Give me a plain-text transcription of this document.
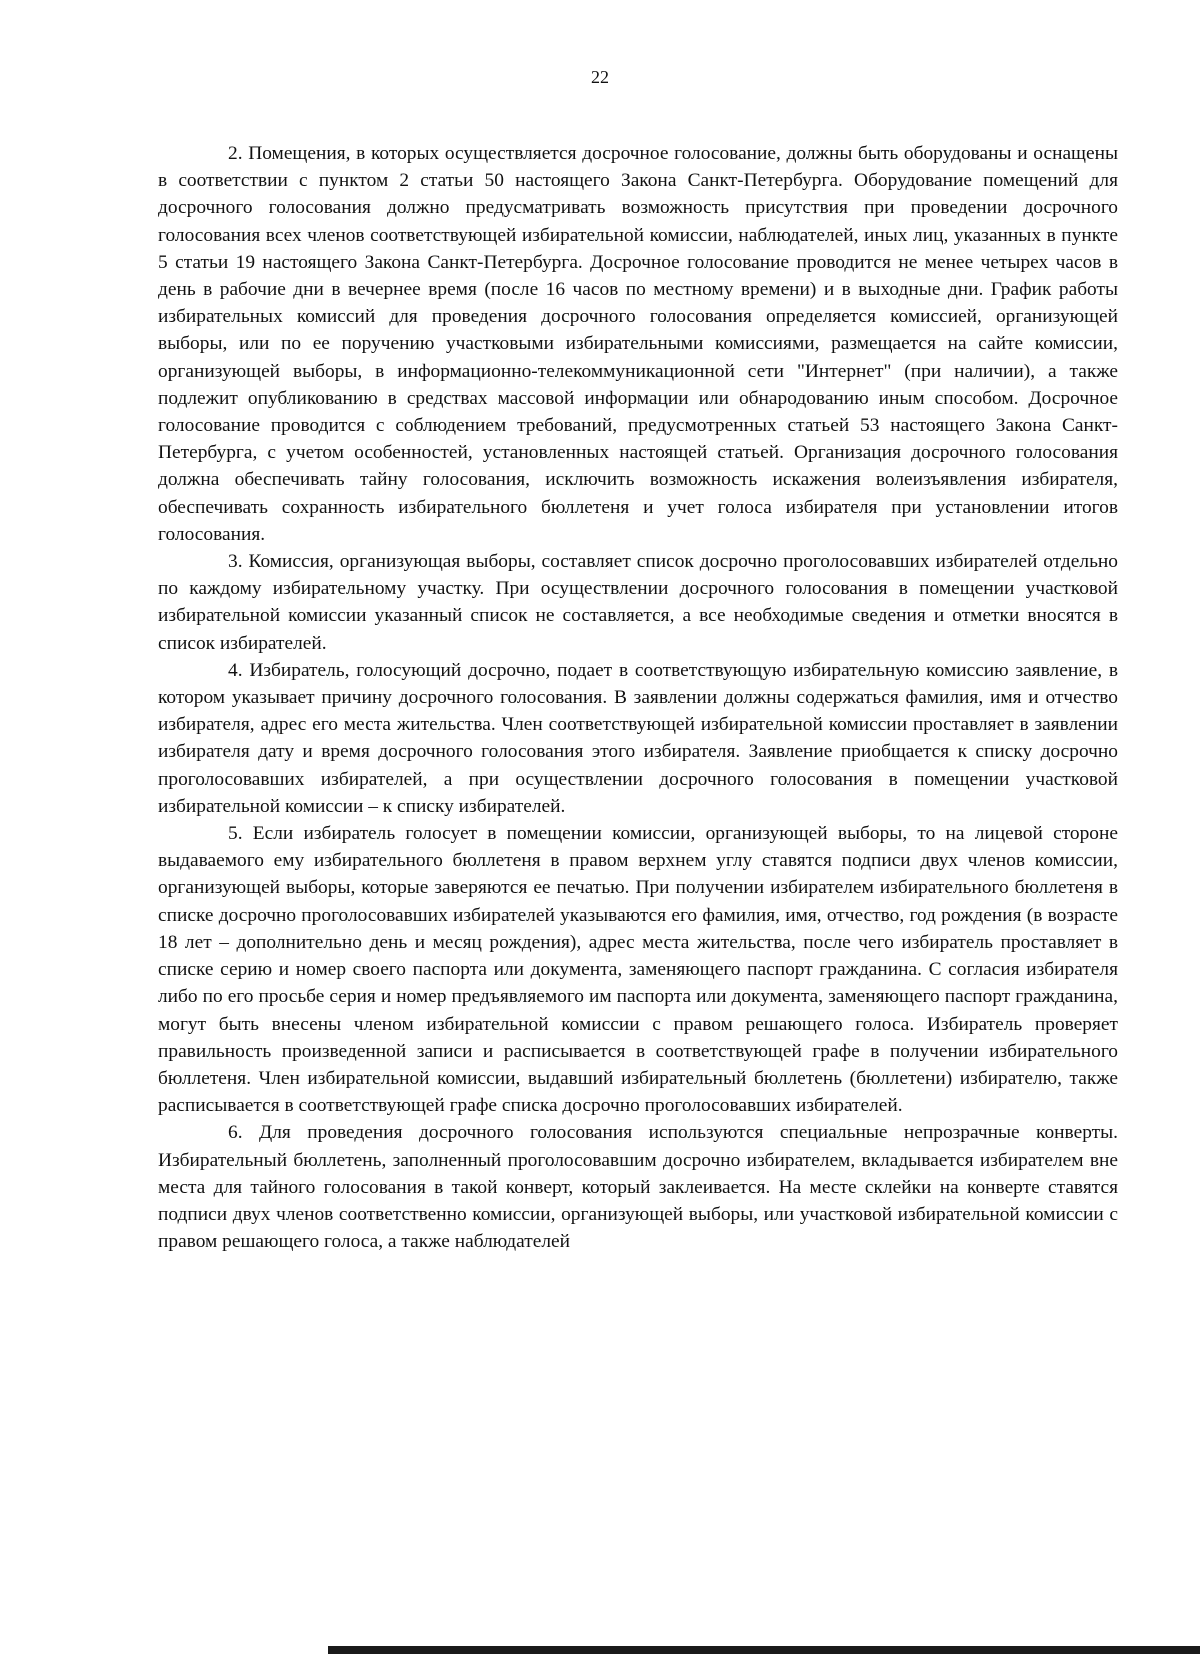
22

2. Помещения, в которых осуществляется досрочное голосование, должны быть оборудованы и оснащены в соответствии с пунктом 2 статьи 50 настоящего Закона Санкт-Петербурга. Оборудование помещений для досрочного голосования должно предусматривать возможность присутствия при проведении досрочного голосования всех членов соответствующей избирательной комиссии, наблюдателей, иных лиц, указанных в пункте 5 статьи 19 настоящего Закона Санкт-Петербурга. Досрочное голосование проводится не менее четырех часов в день в рабочие дни в вечернее время (после 16 часов по местному времени) и в выходные дни. График работы избирательных комиссий для проведения досрочного голосования определяется комиссией, организующей выборы, или по ее поручению участковыми избирательными комиссиями, размещается на сайте комиссии, организующей выборы, в информационно-телекоммуникационной сети "Интернет" (при наличии), а также подлежит опубликованию в средствах массовой информации или обнародованию иным способом. Досрочное голосование проводится с соблюдением требований, предусмотренных статьей 53 настоящего Закона Санкт-Петербурга, с учетом особенностей, установленных настоящей статьей. Организация досрочного голосования должна обеспечивать тайну голосования, исключить возможность искажения волеизъявления избирателя, обеспечивать сохранность избирательного бюллетеня и учет голоса избирателя при установлении итогов голосования.

3. Комиссия, организующая выборы, составляет список досрочно проголосовавших избирателей отдельно по каждому избирательному участку. При осуществлении досрочного голосования в помещении участковой избирательной комиссии указанный список не составляется, а все необходимые сведения и отметки вносятся в список избирателей.

4. Избиратель, голосующий досрочно, подает в соответствующую избирательную комиссию заявление, в котором указывает причину досрочного голосования. В заявлении должны содержаться фамилия, имя и отчество избирателя, адрес его места жительства. Член соответствующей избирательной комиссии проставляет в заявлении избирателя дату и время досрочного голосования этого избирателя. Заявление приобщается к списку досрочно проголосовавших избирателей, а при осуществлении досрочного голосования в помещении участковой избирательной комиссии – к списку избирателей.

5. Если избиратель голосует в помещении комиссии, организующей выборы, то на лицевой стороне выдаваемого ему избирательного бюллетеня в правом верхнем углу ставятся подписи двух членов комиссии, организующей выборы, которые заверяются ее печатью. При получении избирателем избирательного бюллетеня в списке досрочно проголосовавших избирателей указываются его фамилия, имя, отчество, год рождения (в возрасте 18 лет – дополнительно день и месяц рождения), адрес места жительства, после чего избиратель проставляет в списке серию и номер своего паспорта или документа, заменяющего паспорт гражданина. С согласия избирателя либо по его просьбе серия и номер предъявляемого им паспорта или документа, заменяющего паспорт гражданина, могут быть внесены членом избирательной комиссии с правом решающего голоса. Избиратель проверяет правильность произведенной записи и расписывается в соответствующей графе в получении избирательного бюллетеня. Член избирательной комиссии, выдавший избирательный бюллетень (бюллетени) избирателю, также расписывается в соответствующей графе списка досрочно проголосовавших избирателей.

6. Для проведения досрочного голосования используются специальные непрозрачные конверты. Избирательный бюллетень, заполненный проголосовавшим досрочно избирателем, вкладывается избирателем вне места для тайного голосования в такой конверт, который заклеивается. На месте склейки на конверте ставятся подписи двух членов соответственно комиссии, организующей выборы, или участковой избирательной комиссии с правом решающего голоса, а также наблюдателей
